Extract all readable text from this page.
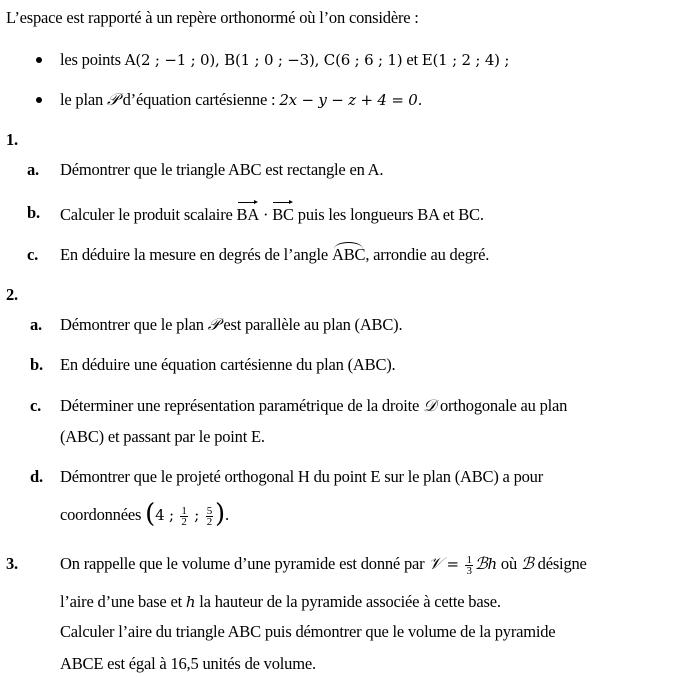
L’espace est rapporté à un repère orthonormé où l’on considère :
les points A(2 ; −1 ; 0), B(1 ; 0 ; −3), C(6 ; 6 ; 1) et E(1 ; 2 ; 4) ;
le plan 𝒫 d’équation cartésienne : 2x − y − z + 4 = 0.
1.
a. Démontrer que le triangle ABC est rectangle en A.
b. Calculer le produit scalaire
BA ·
BC puis les longueurs BA et BC.
c. En déduire la mesure en degrés de l’angle
ABC, arrondie au degré.
2.
a. Démontrer que le plan 𝒫 est parallèle au plan (ABC).
b. En déduire une équation cartésienne du plan (ABC).
c. Déterminer une représentation paramétrique de la droite 𝒟 orthogonale au plan
(ABC) et passant par le point E.
d. Démontrer que le projeté orthogonal H du point E sur le plan (ABC) a pour
coordonnées (4 ; $\frac{1}{2}$ ; $\frac{5}{2}$ ).
3.	On rappelle que le volume d’une pyramide est donné par 𝒱 = $\frac{1}{3}$ ℬh où ℬ désigne
l’aire d’une base et h la hauteur de la pyramide associée à cette base.
Calculer l’aire du triangle ABC puis démontrer que le volume de la pyramide
ABCE est égal à 16,5 unités de volume.
